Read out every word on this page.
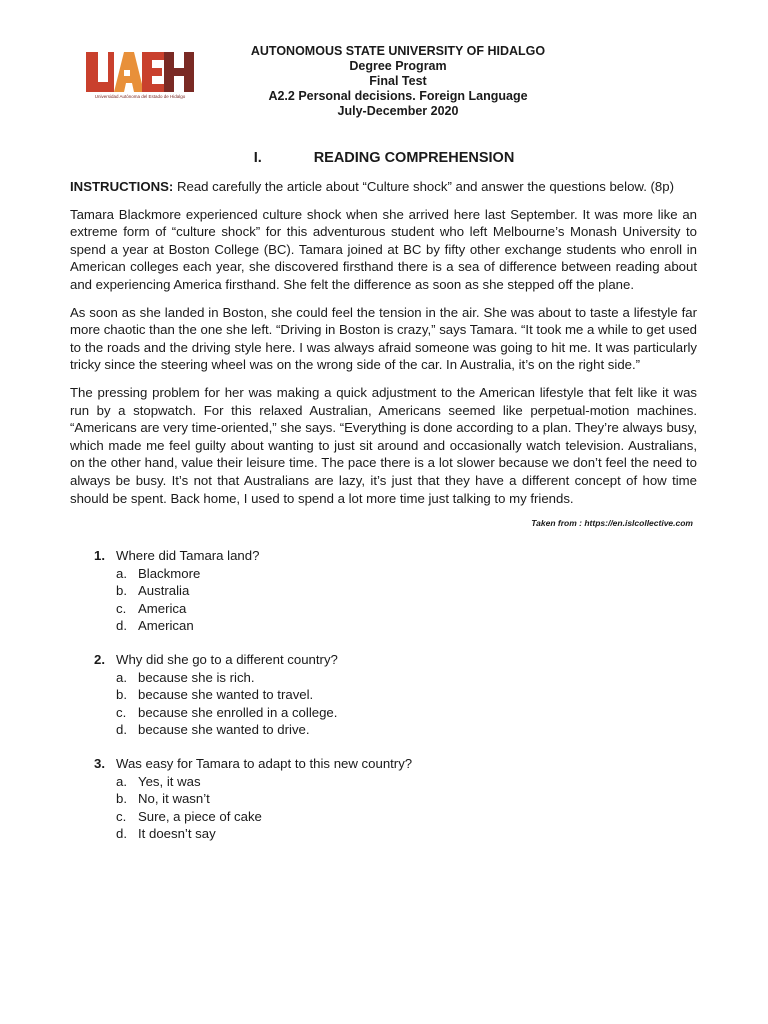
Universidad Autónoma del Estado de Hidalgo
AUTONOMOUS STATE UNIVERSITY OF HIDALGO
Degree Program
Final Test
A2.2 Personal decisions. Foreign Language
July-December 2020
I.	READING COMPREHENSION

INSTRUCTIONS: Read carefully the article about “Culture shock” and answer the questions below. (8p)

Tamara Blackmore experienced culture shock when she arrived here last September. It was more like an extreme form of “culture shock” for this adventurous student who left Melbourne’s Monash University to spend a year at Boston College (BC). Tamara joined at BC by fifty other exchange students who enroll in American colleges each year, she discovered firsthand there is a sea of difference between reading about and experiencing America firsthand. She felt the difference as soon as she stepped off the plane.

As soon as she landed in Boston, she could feel the tension in the air. She was about to taste a lifestyle far more chaotic than the one she left. “Driving in Boston is crazy,” says Tamara. “It took me a while to get used to the roads and the driving style here. I was always afraid someone was going to hit me. It was particularly tricky since the steering wheel was on the wrong side of the car. In Australia, it’s on the right side.”

The pressing problem for her was making a quick adjustment to the American lifestyle that felt like it was run by a stopwatch. For this relaxed Australian, Americans seemed like perpetual-motion machines. “Americans are very time-oriented,” she says. “Everything is done according to a plan. They’re always busy, which made me feel guilty about wanting to just sit around and occasionally watch television. Australians, on the other hand, value their leisure time. The pace there is a lot slower because we don’t feel the need to always be busy. It’s not that Australians are lazy, it’s just that they have a different concept of how time should be spent. Back home, I used to spend a lot more time just talking to my friends.

Taken from : https://en.islcollective.com
1. Where did Tamara land?
a. Blackmore
b. Australia
c. America
d. American
2. Why did she go to a different country?
a. because she is rich.
b. because she wanted to travel.
c. because she enrolled in a college.
d. because she wanted to drive.
3. Was easy for Tamara to adapt to this new country?
a. Yes, it was
b. No, it wasn’t
c. Sure, a piece of cake
d. It doesn’t say
